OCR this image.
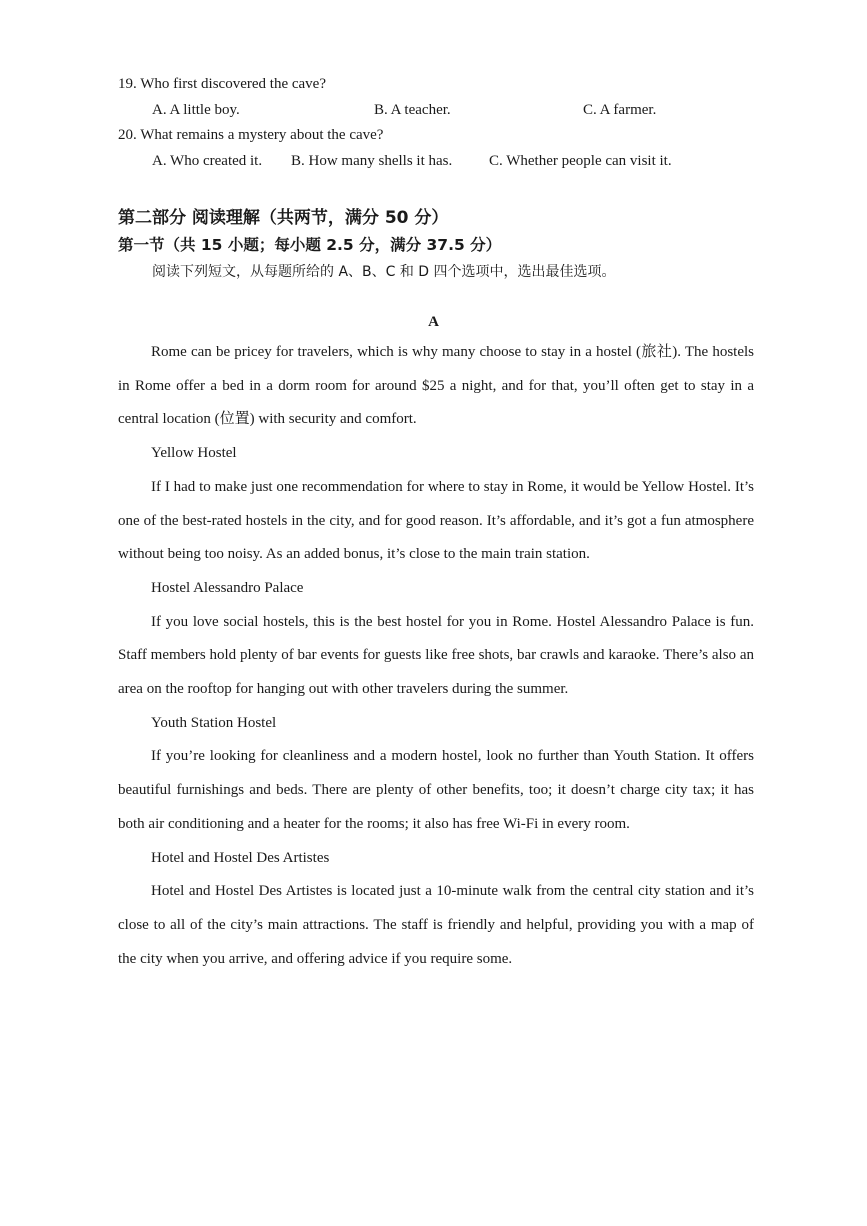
19. Who first discovered the cave?
A. A little boy.	B. A teacher.	C. A farmer.
20. What remains a mystery about the cave?
A. Who created it. B. How many shells it has. C. Whether people can visit it.
第二部分 阅读理解（共两节，满分 50 分）
第一节（共 15 小题；每小题 2.5 分，满分 37.5 分）
阅读下列短文，从每题所给的 A、B、C 和 D 四个选项中，选出最佳选项。
A

Rome can be pricey for travelers, which is why many choose to stay in a hostel (旅社). The hostels in Rome offer a bed in a dorm room for around $25 a night, and for that, you’ll often get to stay in a central location (位置) with security and comfort.

Yellow Hostel

If I had to make just one recommendation for where to stay in Rome, it would be Yellow Hostel. It’s one of the best-rated hostels in the city, and for good reason. It’s affordable, and it’s got a fun atmosphere without being too noisy. As an added bonus, it’s close to the main train station.

Hostel Alessandro Palace

If you love social hostels, this is the best hostel for you in Rome. Hostel Alessandro Palace is fun. Staff members hold plenty of bar events for guests like free shots, bar crawls and karaoke. There’s also an area on the rooftop for hanging out with other travelers during the summer.

Youth Station Hostel

If you’re looking for cleanliness and a modern hostel, look no further than Youth Station. It offers beautiful furnishings and beds. There are plenty of other benefits, too; it doesn’t charge city tax; it has both air conditioning and a heater for the rooms; it also has free Wi-Fi in every room.

Hotel and Hostel Des Artistes

Hotel and Hostel Des Artistes is located just a 10-minute walk from the central city station and it’s close to all of the city’s main attractions. The staff is friendly and helpful, providing you with a map of the city when you arrive, and offering advice if you require some.
